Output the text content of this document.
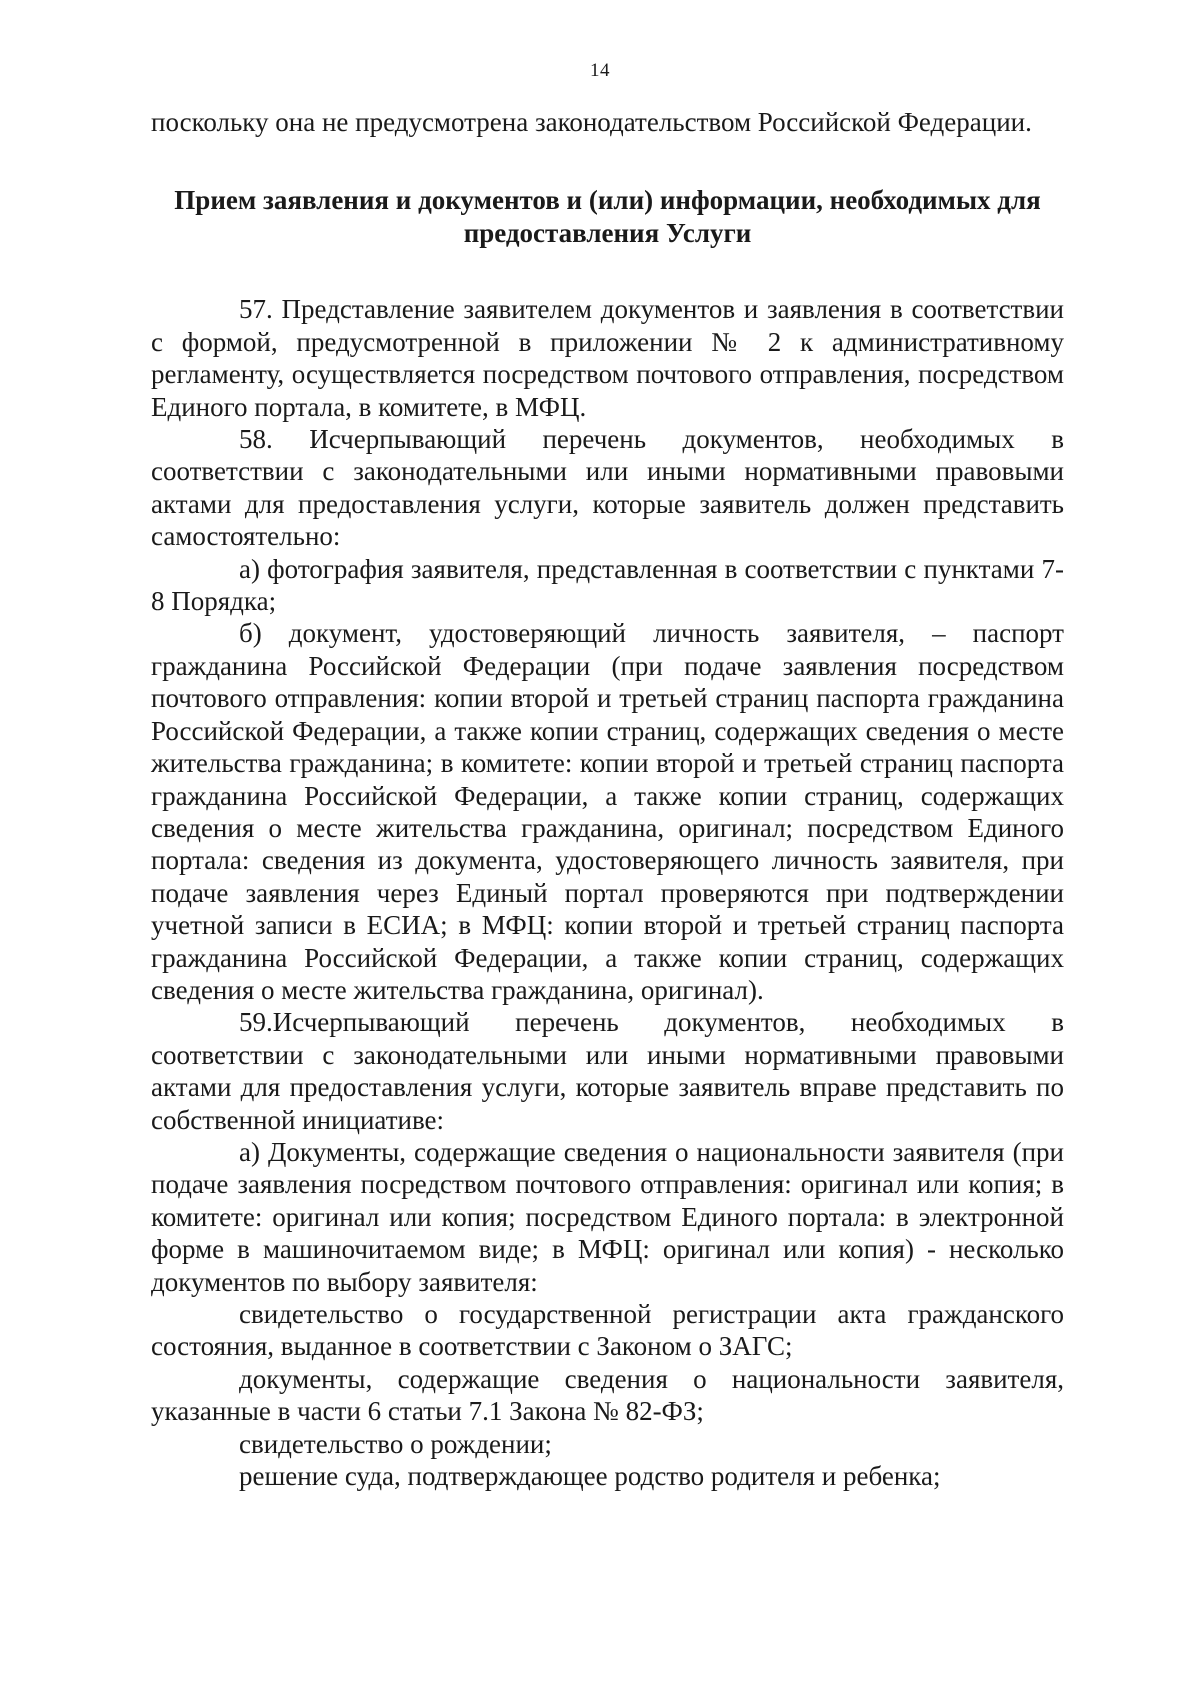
14

поскольку она не предусмотрена законодательством Российской Федерации.

Прием заявления и документов и (или) информации, необходимых для
предоставления Услуги

57. Представление заявителем документов и заявления в соответствии с формой, предусмотренной в приложении № 2 к административному регламенту, осуществляется посредством почтового отправления, посредством Единого портала, в комитете, в МФЦ.

58. Исчерпывающий перечень документов, необходимых в соответствии с законодательными или иными нормативными правовыми актами для предоставления услуги, которые заявитель должен представить самостоятельно:

а) фотография заявителя, представленная в соответствии с пунктами 7-8 Порядка;

б) документ, удостоверяющий личность заявителя, – паспорт гражданина Российской Федерации (при подаче заявления посредством почтового отправления: копии второй и третьей страниц паспорта гражданина Российской Федерации, а также копии страниц, содержащих сведения о месте жительства гражданина; в комитете: копии второй и третьей страниц паспорта гражданина Российской Федерации, а также копии страниц, содержащих сведения о месте жительства гражданина, оригинал; посредством Единого портала: сведения из документа, удостоверяющего личность заявителя, при подаче заявления через Единый портал проверяются при подтверждении учетной записи в ЕСИА; в МФЦ: копии второй и третьей страниц паспорта гражданина Российской Федерации, а также копии страниц, содержащих сведения о месте жительства гражданина, оригинал).

59.Исчерпывающий перечень документов, необходимых в соответствии с законодательными или иными нормативными правовыми актами для предоставления услуги, которые заявитель вправе представить по собственной инициативе:

а) Документы, содержащие сведения о национальности заявителя (при подаче заявления посредством почтового отправления: оригинал или копия; в комитете: оригинал или копия; посредством Единого портала: в электронной форме в машиночитаемом виде; в МФЦ: оригинал или копия) - несколько документов по выбору заявителя:

свидетельство о государственной регистрации акта гражданского состояния, выданное в соответствии с Законом о ЗАГС;

документы, содержащие сведения о национальности заявителя, указанные в части 6 статьи 7.1 Закона № 82-ФЗ;

свидетельство о рождении;

решение суда, подтверждающее родство родителя и ребенка;
